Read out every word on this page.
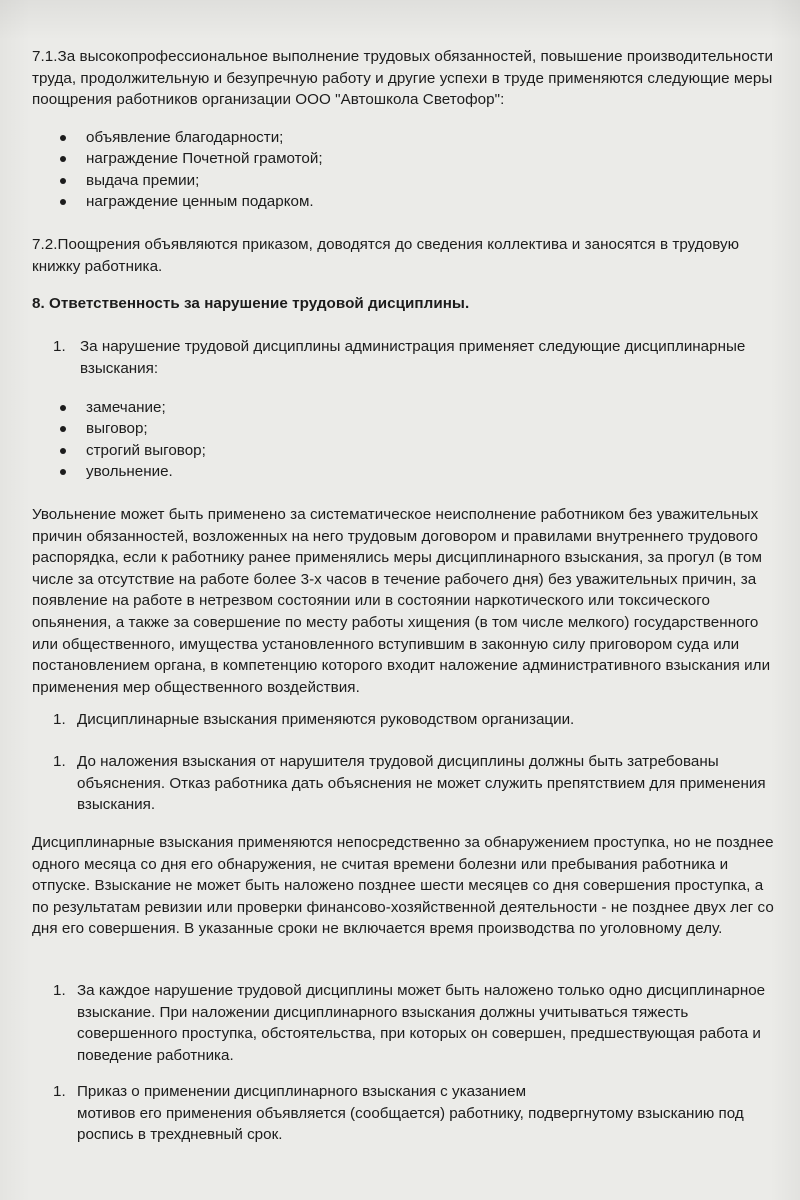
7.1.За высокопрофессиональное выполнение трудовых обязанностей, повышение производительности труда, продолжительную и безупречную работу и другие успехи в труде применяются следующие меры поощрения работников организации ООО "Автошкола Светофор":
объявление благодарности;
награждение Почетной грамотой;
выдача премии;
награждение ценным подарком.
7.2.Поощрения объявляются приказом, доводятся до сведения коллектива и заносятся в трудовую книжку работника.
8. Ответственность за нарушение трудовой дисциплины.
1. За нарушение трудовой дисциплины администрация применяет следующие дисциплинарные взыскания:
замечание;
выговор;
строгий выговор;
увольнение.
Увольнение может быть применено за систематическое неисполнение работником без уважительных причин обязанностей, возложенных на него трудовым договором и правилами внутреннего трудового распорядка, если к работнику ранее применялись меры дисциплинарного взыскания, за прогул (в том числе за отсутствие на работе более 3-х часов в течение рабочего дня) без уважительных причин, за появление на работе в нетрезвом состоянии или в состоянии наркотического или токсического опьянения, а также за совершение по месту работы хищения (в том числе мелкого) государственного или общественного, имущества установленного вступившим в законную силу приговором суда или постановлением органа, в компетенцию которого входит наложение административного взыскания или применения мер общественного воздействия.
1. Дисциплинарные взыскания применяются руководством организации.
1. До наложения взыскания от нарушителя трудовой дисциплины должны быть затребованы объяснения. Отказ работника дать объяснения не может служить препятствием для применения взыскания.
Дисциплинарные взыскания применяются непосредственно за обнаружением проступка, но не позднее одного месяца со дня его обнаружения, не считая времени болезни или пребывания работника и отпуске. Взыскание не может быть наложено позднее шести месяцев со дня совершения проступка, а по результатам ревизии или проверки финансово-хозяйственной деятельности - не позднее двух лег со дня его совершения. В указанные сроки не включается время производства по уголовному делу.
1. За каждое нарушение трудовой дисциплины может быть наложено только одно дисциплинарное взыскание. При наложении дисциплинарного взыскания должны учитываться тяжесть совершенного проступка, обстоятельства, при которых он совершен, предшествующая работа и поведение работника.
1. Приказ о применении дисциплинарного взыскания с указанием
мотивов его применения объявляется (сообщается) работнику, подвергнутому взысканию под роспись в трехдневный срок.
